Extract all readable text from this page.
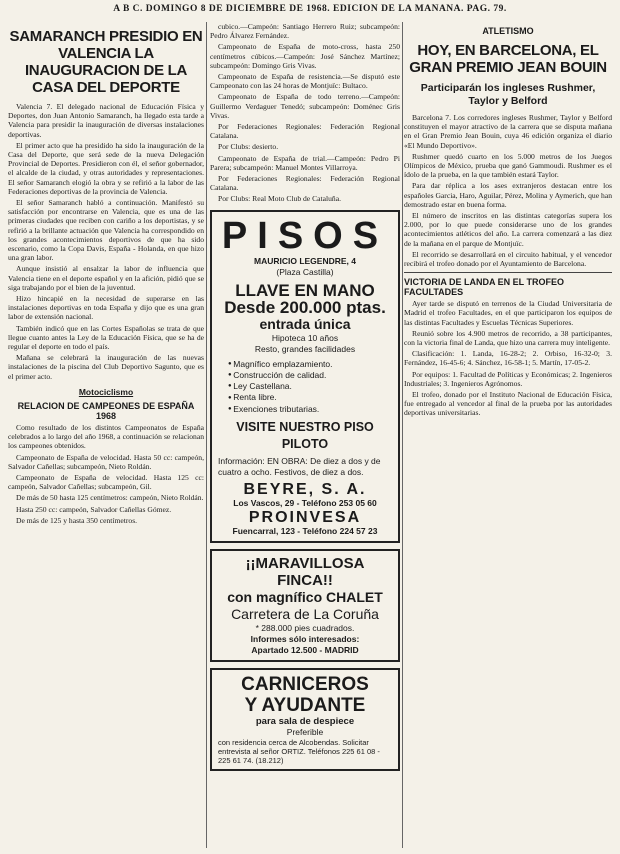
A B C. DOMINGO 8 DE DICIEMBRE DE 1968. EDICION DE LA MAÑANA. PAG. 79.
SAMARANCH PRESIDIO EN VALENCIA LA INAUGURACION DE LA CASA DEL DEPORTE

Valencia 7. El delegado nacional de Educación Física y Deportes, don Juan Antonio Samaranch, ha llegado esta tarde a Valencia para presidir la inauguración de diversas instalaciones deportivas.

El primer acto que ha presidido ha sido la inauguración de la Casa del Deporte, que será sede de la nueva Delegación Provincial de Deportes. Presidieron con él, el señor gobernador, el alcalde de la ciudad, y otras autoridades y representaciones. El señor Samaranch elogió la obra y se refirió a la labor de las Federaciones deportivas de la provincia de Valencia.

El señor Samaranch habló a continuación. Manifestó su satisfacción por encontrarse en Valencia, que es una de las primeras ciudades que reciben con cariño a los deportistas, y se refirió a la brillante actuación que Valencia ha correspondido en los grandes acontecimientos deportivos de que ha sido escenario, como la Copa Davis, España - Holanda, en que hizo una gran labor.

Aunque insistió al ensalzar la labor de influencia que Valencia tiene en el deporte español y en la afición, pidió que se siga trabajando por el bien de la juventud.

Hizo hincapié en la necesidad de superarse en las instalaciones deportivas en toda España y dijo que es una gran labor de extensión nacional.

También indicó que en las Cortes Españolas se trata de que llegue cuanto antes la Ley de la Educación Física, que se ha de regular el deporte en todo el país.

Mañana se celebrará la inauguración de las nuevas instalaciones de la piscina del Club Deportivo Sagunto, que es el primer acto.

Motociclismo
RELACION DE CAMPEONES DE ESPAÑA 1968

Como resultado de los distintos Campeonatos de España celebrados a lo largo del año 1968, a continuación se relacionan los campeones obtenidos.

Campeonato de España de velocidad. Hasta 50 cc: campeón, Salvador Cañellas; subcampeón, Nieto Roldán.

Campeonato de España de velocidad. Hasta 125 cc: campeón, Salvador Cañellas; subcampeón, Gil.

De más de 50 hasta 125 centímetros: campeón, Nieto Roldán.

Hasta 250 cc: campeón, Salvador Cañellas Gómez.

De más de 125 y hasta 350 centímetros.

cubico.—Campeón: Santiago Herrero Ruiz; subcampeón: Pedro Álvarez Fernández.

Campeonato de España de moto-cross, hasta 250 centímetros cúbicos.—Campeón: José Sánchez Martínez; subcampeón: Domingo Gris Vivas.

Campeonato de España de resistencia.—Se disputó este Campeonato con las 24 horas de Montjuïc: Bultaco.

Campeonato de España de todo terreno.—Campeón: Guillermo Verdaguer Tenedó; subcampeón: Doménec Gris Vivas.

Por Federaciones Regionales: Federación Regional Catalana.

Por Clubs: desierto.

Campeonato de España de trial.—Campeón: Pedro Pi Parera; subcampeón: Manuel Montes Villarroya.

Por Federaciones Regionales: Federación Regional Catalana.

Por Clubs: Real Moto Club de Cataluña.

PISOS
MAURICIO LEGENDRE, 4
(Plaza Castilla)
LLAVE EN MANO
Desde 200.000 ptas.
entrada única
Hipoteca 10 años
Resto, grandes facilidades
● Magnífico emplazamiento.
● Construcción de calidad.
● Ley Castellana.
● Renta libre.
● Exenciones tributarias.
VISITE NUESTRO PISO PILOTO
Información: EN OBRA: De diez a dos y de cuatro a ocho. Festivos, de diez a dos.
BEYRE, S. A.
Los Vascos, 29 - Teléfono 253 05 60
PROINVESA
Fuencarral, 123 - Teléfono 224 57 23
¡¡MARAVILLOSA FINCA!!
con magnífico CHALET
Carretera de La Coruña
* 288.000 pies cuadrados.
Informes sólo interesados:
Apartado 12.500 - MADRID
CARNICEROS
Y AYUDANTE
para sala de despiece
Preferible
con residencia cerca de Alcobendas. Solicitar entrevista al señor ORTIZ. Teléfonos 225 61 08 - 225 61 74. (18.212)
ATLETISMO
HOY, EN BARCELONA, EL GRAN PREMIO JEAN BOUIN
Participarán los ingleses Rushmer, Taylor y Belford

Barcelona 7. Los corredores ingleses Rushmer, Taylor y Belford constituyen el mayor atractivo de la carrera que se disputa mañana en el Gran Premio Jean Bouin, cuya 46 edición organiza el diario «El Mundo Deportivo».

Rushmer quedó cuarto en los 5.000 metros de los Juegos Olímpicos de México, prueba que ganó Gammoudi. Rushmer es el ídolo de la prueba, en la que también estará Taylor.

Para dar réplica a los ases extranjeros destacan entre los españoles Garcia, Haro, Aguilar, Pérez, Molina y Aymerich, que han demostrado estar en buena forma.

El número de inscritos en las distintas categorías supera los 2.000, por lo que puede considerarse uno de los grandes acontecimientos atléticos del año. La carrera comenzará a las diez de la mañana en el parque de Montjuïc.

El recorrido se desarrollará en el circuito habitual, y el vencedor recibirá el trofeo donado por el Ayuntamiento de Barcelona.

VICTORIA DE LANDA EN EL TROFEO FACULTADES

Ayer tarde se disputó en terrenos de la Ciudad Universitaria de Madrid el trofeo Facultades, en el que participaron los equipos de las distintas Facultades y Escuelas Técnicas Superiores.

Reunió sobre los 4.900 metros de recorrido, a 38 participantes, con la victoria final de Landa, que hizo una carrera muy inteligente.

Clasificación: 1. Landa, 16-28-2; 2. Orbiso, 16-32-0; 3. Fernández, 16-45-6; 4. Sánchez, 16-58-1; 5. Martín, 17-05-2.

Por equipos: 1. Facultad de Políticas y Económicas; 2. Ingenieros Industriales; 3. Ingenieros Agrónomos.

El trofeo, donado por el Instituto Nacional de Educación Física, fue entregado al vencedor al final de la prueba por las autoridades deportivas universitarias.
